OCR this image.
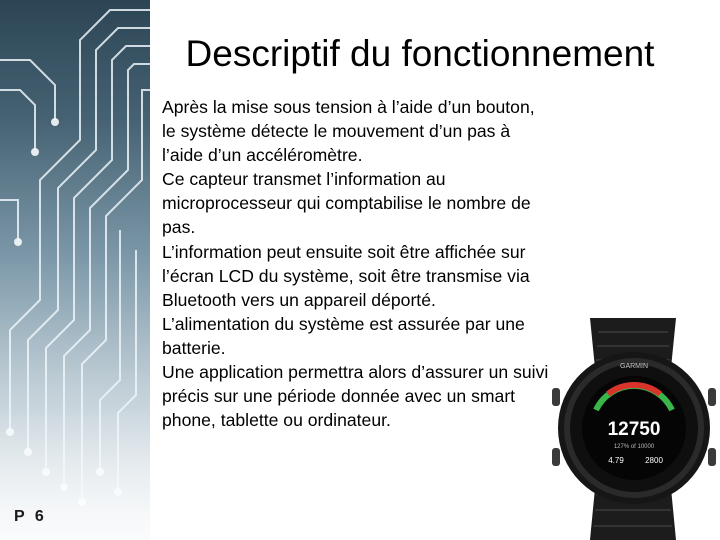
Descriptif du fonctionnement

Après la mise sous tension à l’aide d’un bouton, le système détecte le mouvement d’un pas à l’aide d’un accéléromètre.

Ce capteur transmet l’information au microprocesseur qui comptabilise le nombre de pas.

L’information peut ensuite soit être affichée sur l’écran LCD du système, soit être transmise via Bluetooth vers un appareil déporté.

L’alimentation du système est assurée par une batterie.

Une application permettra alors d’assurer un suivi précis sur une période donnée avec un smart phone, tablette ou ordinateur.

P 6
GARMIN
12750
127% of 10000
4.79	2800
